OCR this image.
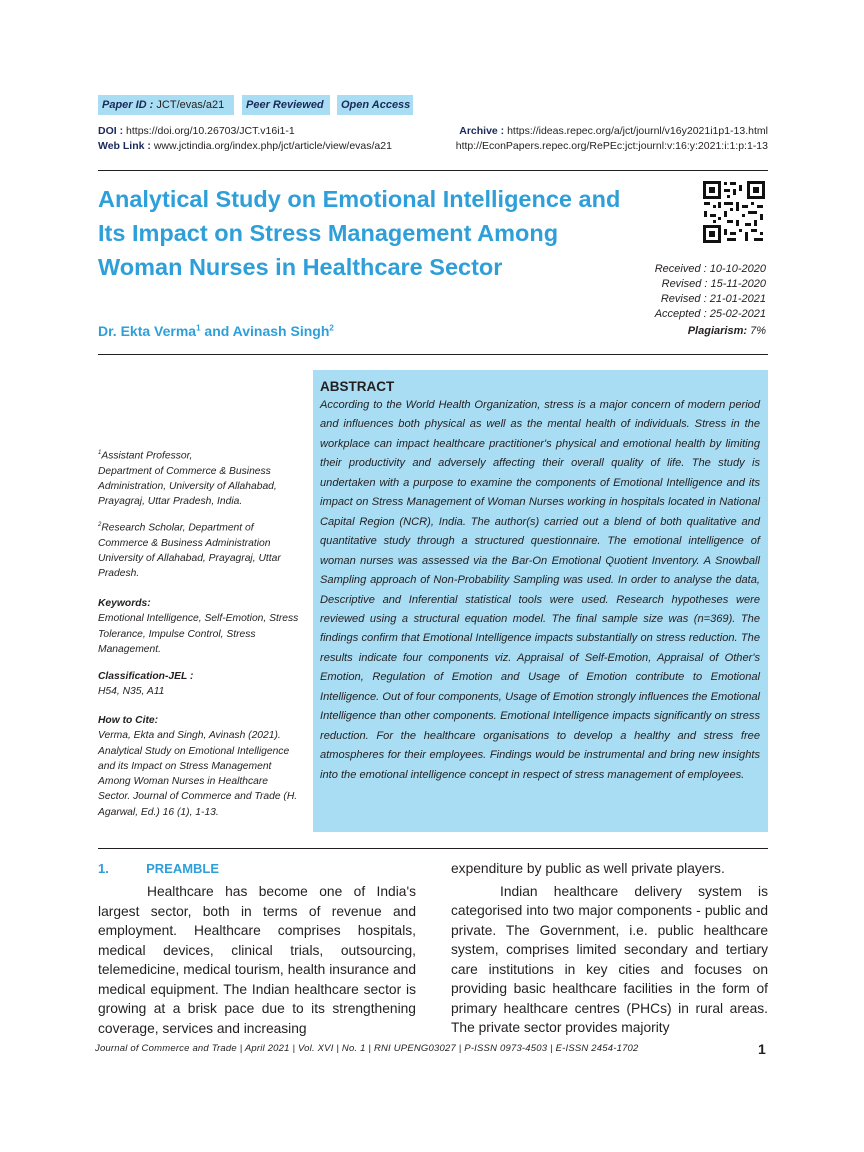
Paper ID : JCT/evas/a21	Peer Reviewed	Open Access
DOI : https://doi.org/10.26703/JCT.v16i1-1
Web Link : www.jctindia.org/index.php/jct/article/view/evas/a21
Archive : https://ideas.repec.org/a/jct/journl/v16y2021i1p1-13.html
http://EconPapers.repec.org/RePEc:jct:journl:v:16:y:2021:i:1:p:1-13
Analytical Study on Emotional Intelligence and
Its Impact on Stress Management Among
Woman Nurses in Healthcare Sector	Received : 10-10-2020
Revised : 15-11-2020
Revised : 21-01-2021
Accepted : 25-02-2021
Dr. Ekta Verma$^1$ and Avinash Singh$^2$	Plagiarism: 7%

$^1$Assistant Professor,
Department of Commerce & Business Administration, University of Allahabad, Prayagraj, Uttar Pradesh, India.

$^2$Research Scholar, Department of Commerce & Business Administration University of Allahabad, Prayagraj, Uttar Pradesh.

Keywords:

Emotional Intelligence, Self-Emotion, Stress Tolerance, Impulse Control, Stress Management.

Classification-JEL :

H54, N35, A11

How to Cite:

Verma, Ekta and Singh, Avinash (2021). Analytical Study on Emotional Intelligence and its Impact on Stress Management Among Woman Nurses in Healthcare Sector. Journal of Commerce and Trade (H. Agarwal, Ed.) 16 (1), 1-13.

ABSTRACT
According to the World Health Organization, stress is a major concern of modern period and influences both physical as well as the mental health of individuals. Stress in the workplace can impact healthcare practitioner's physical and emotional health by limiting their productivity and adversely affecting their overall quality of life. The study is undertaken with a purpose to examine the components of Emotional Intelligence and its impact on Stress Management of Woman Nurses working in hospitals located in National Capital Region (NCR), India. The author(s) carried out a blend of both qualitative and quantitative study through a structured questionnaire. The emotional intelligence of woman nurses was assessed via the Bar-On Emotional Quotient Inventory. A Snowball Sampling approach of Non-Probability Sampling was used. In order to analyse the data, Descriptive and Inferential statistical tools were used. Research hypotheses were reviewed using a structural equation model. The final sample size was (n=369). The findings confirm that Emotional Intelligence impacts substantially on stress reduction. The results indicate four components viz. Appraisal of Self-Emotion, Appraisal of Other's Emotion, Regulation of Emotion and Usage of Emotion contribute to Emotional Intelligence. Out of four components, Usage of Emotion strongly influences the Emotional Intelligence than other components. Emotional Intelligence impacts significantly on stress reduction. For the healthcare organisations to develop a healthy and stress free atmospheres for their employees. Findings would be instrumental and bring new insights into the emotional intelligence concept in respect of stress management of employees.
1.	PREAMBLE

Healthcare has become one of India's largest sector, both in terms of revenue and employment. Healthcare comprises hospitals, medical devices, clinical trials, outsourcing, telemedicine, medical tourism, health insurance and medical equipment. The Indian healthcare sector is growing at a brisk pace due to its strengthening coverage, services and increasing

expenditure by public as well private players.

Indian healthcare delivery system is categorised into two major components - public and private. The Government, i.e. public healthcare system, comprises limited secondary and tertiary care institutions in key cities and focuses on providing basic healthcare facilities in the form of primary healthcare centres (PHCs) in rural areas. The private sector provides majority

Journal of Commerce and Trade | April 2021 | Vol. XVI | No. 1 | RNI UPENG03027 | P-ISSN 0973-4503 | E-ISSN 2454-1702	1
